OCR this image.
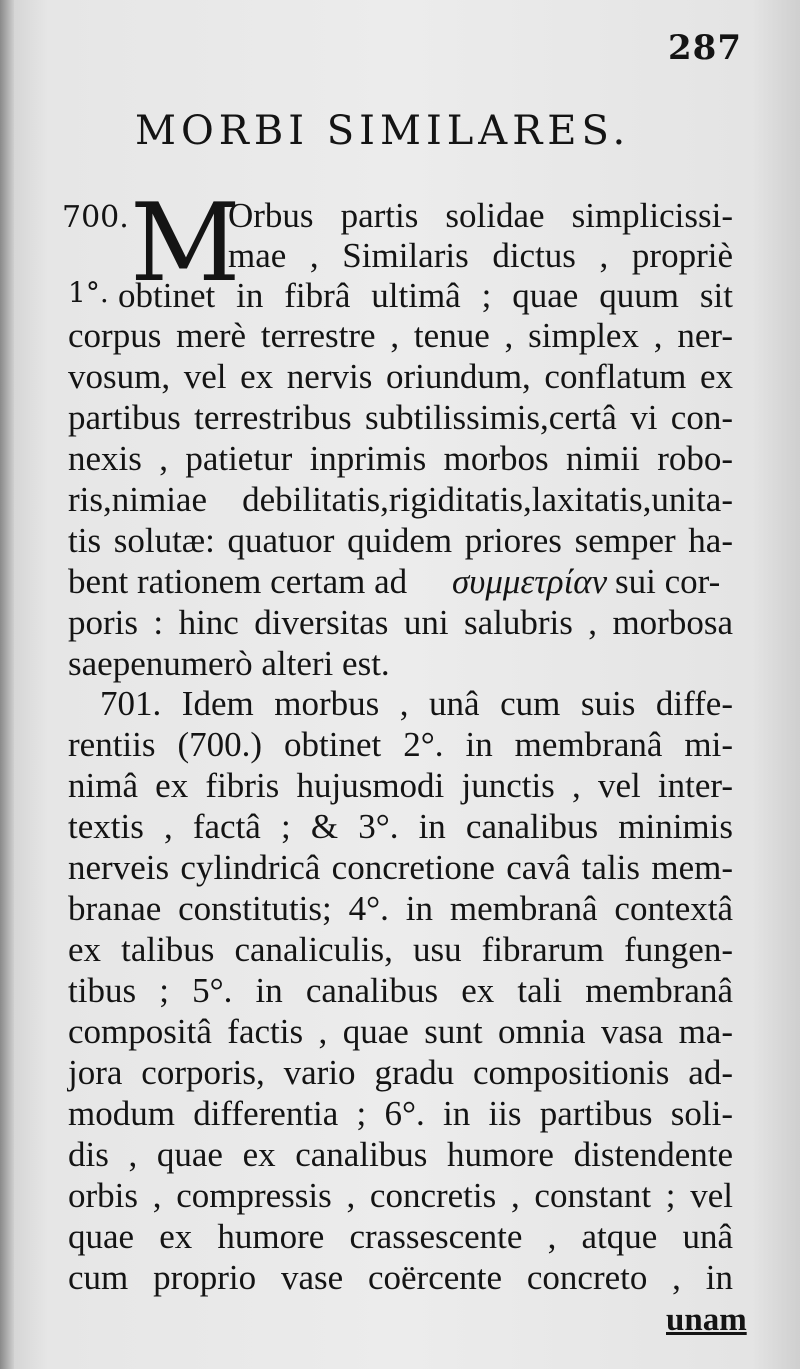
287
MORBI SIMILARES.
700. M
1°.
Orbus partis solidae simplicissi-
mae , Similaris dictus , propriè
obtinet in fibrâ ultimâ ; quae quum sit
corpus merè terrestre , tenue , simplex , ner-
vosum, vel ex nervis oriundum, conflatum ex
partibus terrestribus subtilissimis,certâ vi con-
nexis , patietur inprimis morbos nimii robo-
ris,nimiae debilitatis,rigiditatis,laxitatis,unita-
tis solutæ: quatuor quidem priores semper ha-
bent rationem certam ad	συμμετρίαν sui cor-
poris : hinc diversitas uni salubris , morbosa
saepenumerò alteri est.
701. Idem morbus , unâ cum suis diffe-
rentiis (700.) obtinet 2°. in membranâ mi-
nimâ ex fibris hujusmodi junctis , vel inter-
textis , factâ ; & 3°. in canalibus minimis
nerveis cylindricâ concretione cavâ talis mem-
branae constitutis; 4°. in membranâ contextâ
ex talibus canaliculis, usu fibrarum fungen-
tibus ; 5°. in canalibus ex tali membranâ
compositâ factis , quae sunt omnia vasa ma-
jora corporis, vario gradu compositionis ad-
modum differentia ; 6°. in iis partibus soli-
dis , quae ex canalibus humore distendente
orbis , compressis , concretis , constant ; vel
quae ex humore crassescente , atque unâ
cum proprio vase coërcente concreto , in
unam
